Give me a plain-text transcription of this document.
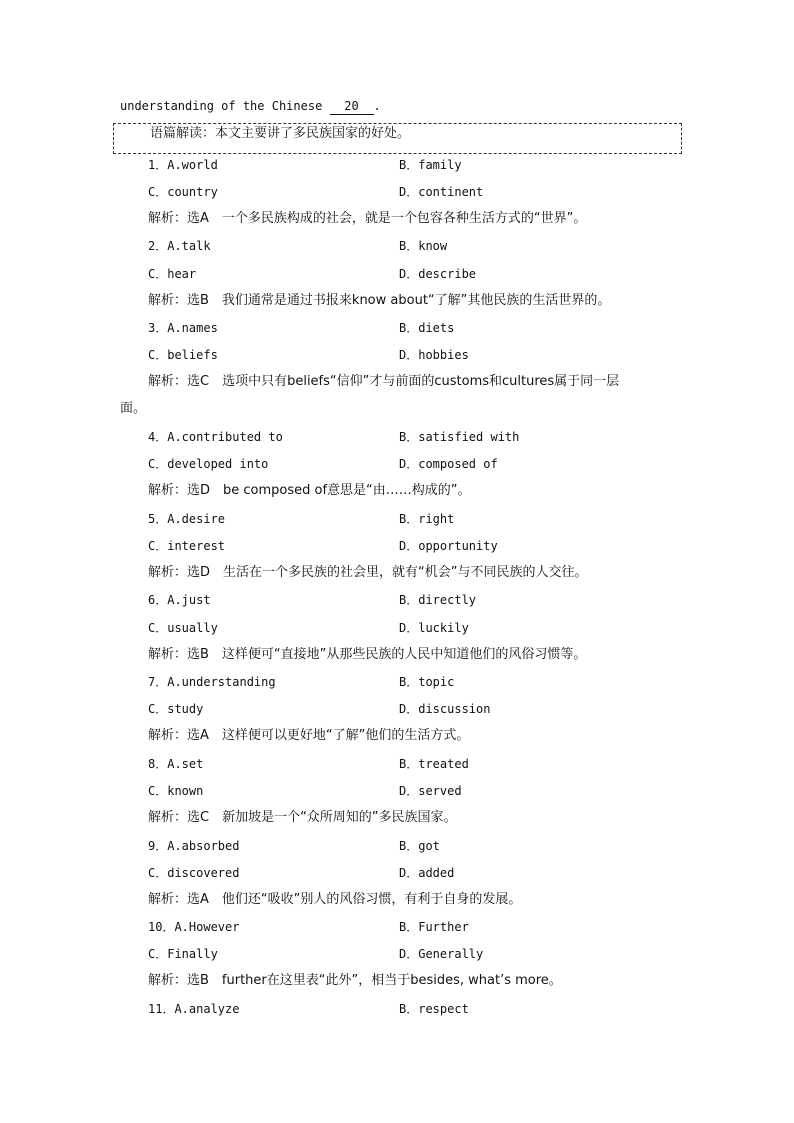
understanding of the Chinese 20 .
语篇解读：本文主要讲了多民族国家的好处。
1．A.world	B．family
C．country	D．continent
解析：选A　一个多民族构成的社会，就是一个包容各种生活方式的“世界”。
2．A.talk	B．know
C．hear	D．describe
解析：选B　我们通常是通过书报来know about“了解”其他民族的生活世界的。
3．A.names	B．diets
C．beliefs	D．hobbies
解析：选C　选项中只有beliefs“信仰”才与前面的customs和cultures属于同一层
面。
4．A.contributed to	B．satisfied with
C．developed into	D．composed of
解析：选D　be composed of意思是“由……构成的”。
5．A.desire	B．right
C．interest	D．opportunity
解析：选D　生活在一个多民族的社会里，就有“机会”与不同民族的人交往。
6．A.just	B．directly
C．usually	D．luckily
解析：选B　这样便可“直接地”从那些民族的人民中知道他们的风俗习惯等。
7．A.understanding	B．topic
C．study	D．discussion
解析：选A　这样便可以更好地“了解”他们的生活方式。
8．A.set	B．treated
C．known	D．served
解析：选C　新加坡是一个“众所周知的”多民族国家。
9．A.absorbed	B．got
C．discovered	D．added
解析：选A　他们还“吸收”别人的风俗习惯，有利于自身的发展。
10．A.However	B．Further
C．Finally	D．Generally
解析：选B　further在这里表“此外”，相当于besides, what’s more。
11．A.analyze	B．respect
